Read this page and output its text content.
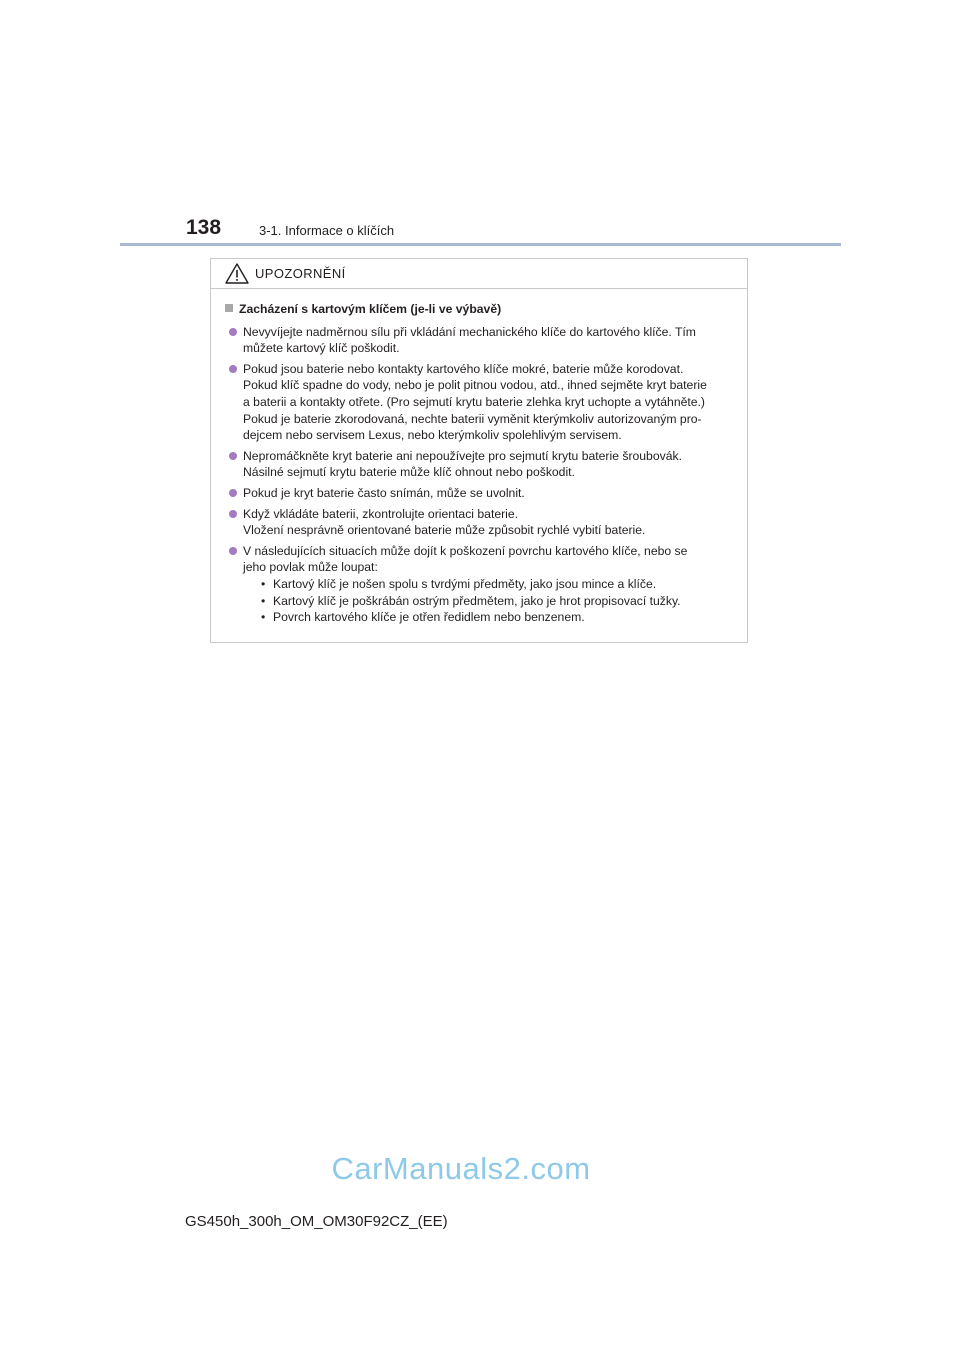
138	3-1. Informace o klíčích
UPOZORNĚNÍ
Zacházení s kartovým klíčem (je-li ve výbavě)
Nevyvíjejte nadměrnou sílu při vkládání mechanického klíče do kartového klíče. Tím
můžete kartový klíč poškodit.
Pokud jsou baterie nebo kontakty kartového klíče mokré, baterie může korodovat.
Pokud klíč spadne do vody, nebo je polit pitnou vodou, atd., ihned sejměte kryt baterie
a baterii a kontakty otřete. (Pro sejmutí krytu baterie zlehka kryt uchopte a vytáhněte.)
Pokud je baterie zkorodovaná, nechte baterii vyměnit kterýmkoliv autorizovaným pro-
dejcem nebo servisem Lexus, nebo kterýmkoliv spolehlivým servisem.
Nepromáčkněte kryt baterie ani nepoužívejte pro sejmutí krytu baterie šroubovák.
Násilné sejmutí krytu baterie může klíč ohnout nebo poškodit.
Pokud je kryt baterie často snímán, může se uvolnit.
Když vkládáte baterii, zkontrolujte orientaci baterie.
Vložení nesprávně orientované baterie může způsobit rychlé vybití baterie.
V následujících situacích může dojít k poškození povrchu kartového klíče, nebo se
jeho povlak může loupat:
• Kartový klíč je nošen spolu s tvrdými předměty, jako jsou mince a klíče.
• Kartový klíč je poškrábán ostrým předmětem, jako je hrot propisovací tužky.
• Povrch kartového klíče je otřen ředidlem nebo benzenem.
CarManuals2.com
GS450h_300h_OM_OM30F92CZ_(EE)
